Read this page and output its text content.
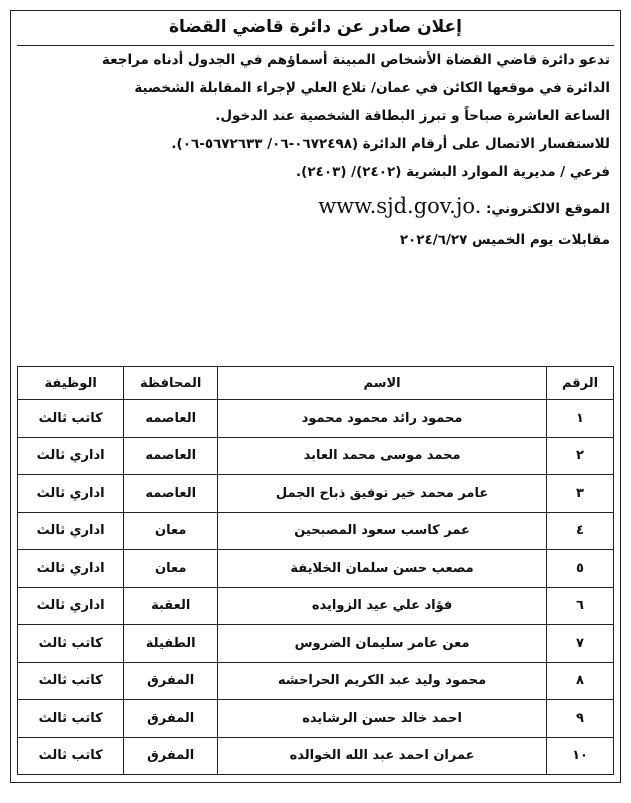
إعلان صادر عن دائرة قاضي القضاة
تدعو دائرة قاضي القضاة الأشخاص المبينة أسماؤهم في الجدول أدناه مراجعة
الدائرة في موقعها الكائن في عمان/ تلاع العلي لإجراء المقابلة الشخصية
الساعة العاشرة صباحاً و تبرز البطاقة الشخصية عند الدخول.
للاستفسار الاتصال على أرقام الدائرة (٠٦٧٢٤٩٨-٠٦/ ٥٦٧٢٦٣٣-٠٦).
فرعي / مديرية الموارد البشرية (٢٤٠٢)/ (٢٤٠٣).
الموقع الالكتروني: www.sjd.gov.jo.
مقابلات يوم الخميس ٢٠٢٤/٦/٢٧
الرقم	الاسم	المحافظة	الوظيفة
١	محمود رائد محمود محمود	العاصمه	كاتب ثالث
٢	محمد موسى محمد العابد	العاصمه	اداري ثالث
٣	عامر محمد خير توفيق ذباح الجمل	العاصمه	اداري ثالث
٤	عمر كاسب سعود المصبحين	معان	اداري ثالث
٥	مصعب حسن سلمان الخلايفة	معان	اداري ثالث
٦	فؤاد علي عيد الزوايده	العقبة	اداري ثالث
٧	معن عامر سليمان الضروس	الطفيلة	كاتب ثالث
٨	محمود وليد عبد الكريم الحراحشه	المفرق	كاتب ثالث
٩	احمد خالد حسن الرشايده	المفرق	كاتب ثالث
١٠	عمران احمد عبد الله الخوالده	المفرق	كاتب ثالث
